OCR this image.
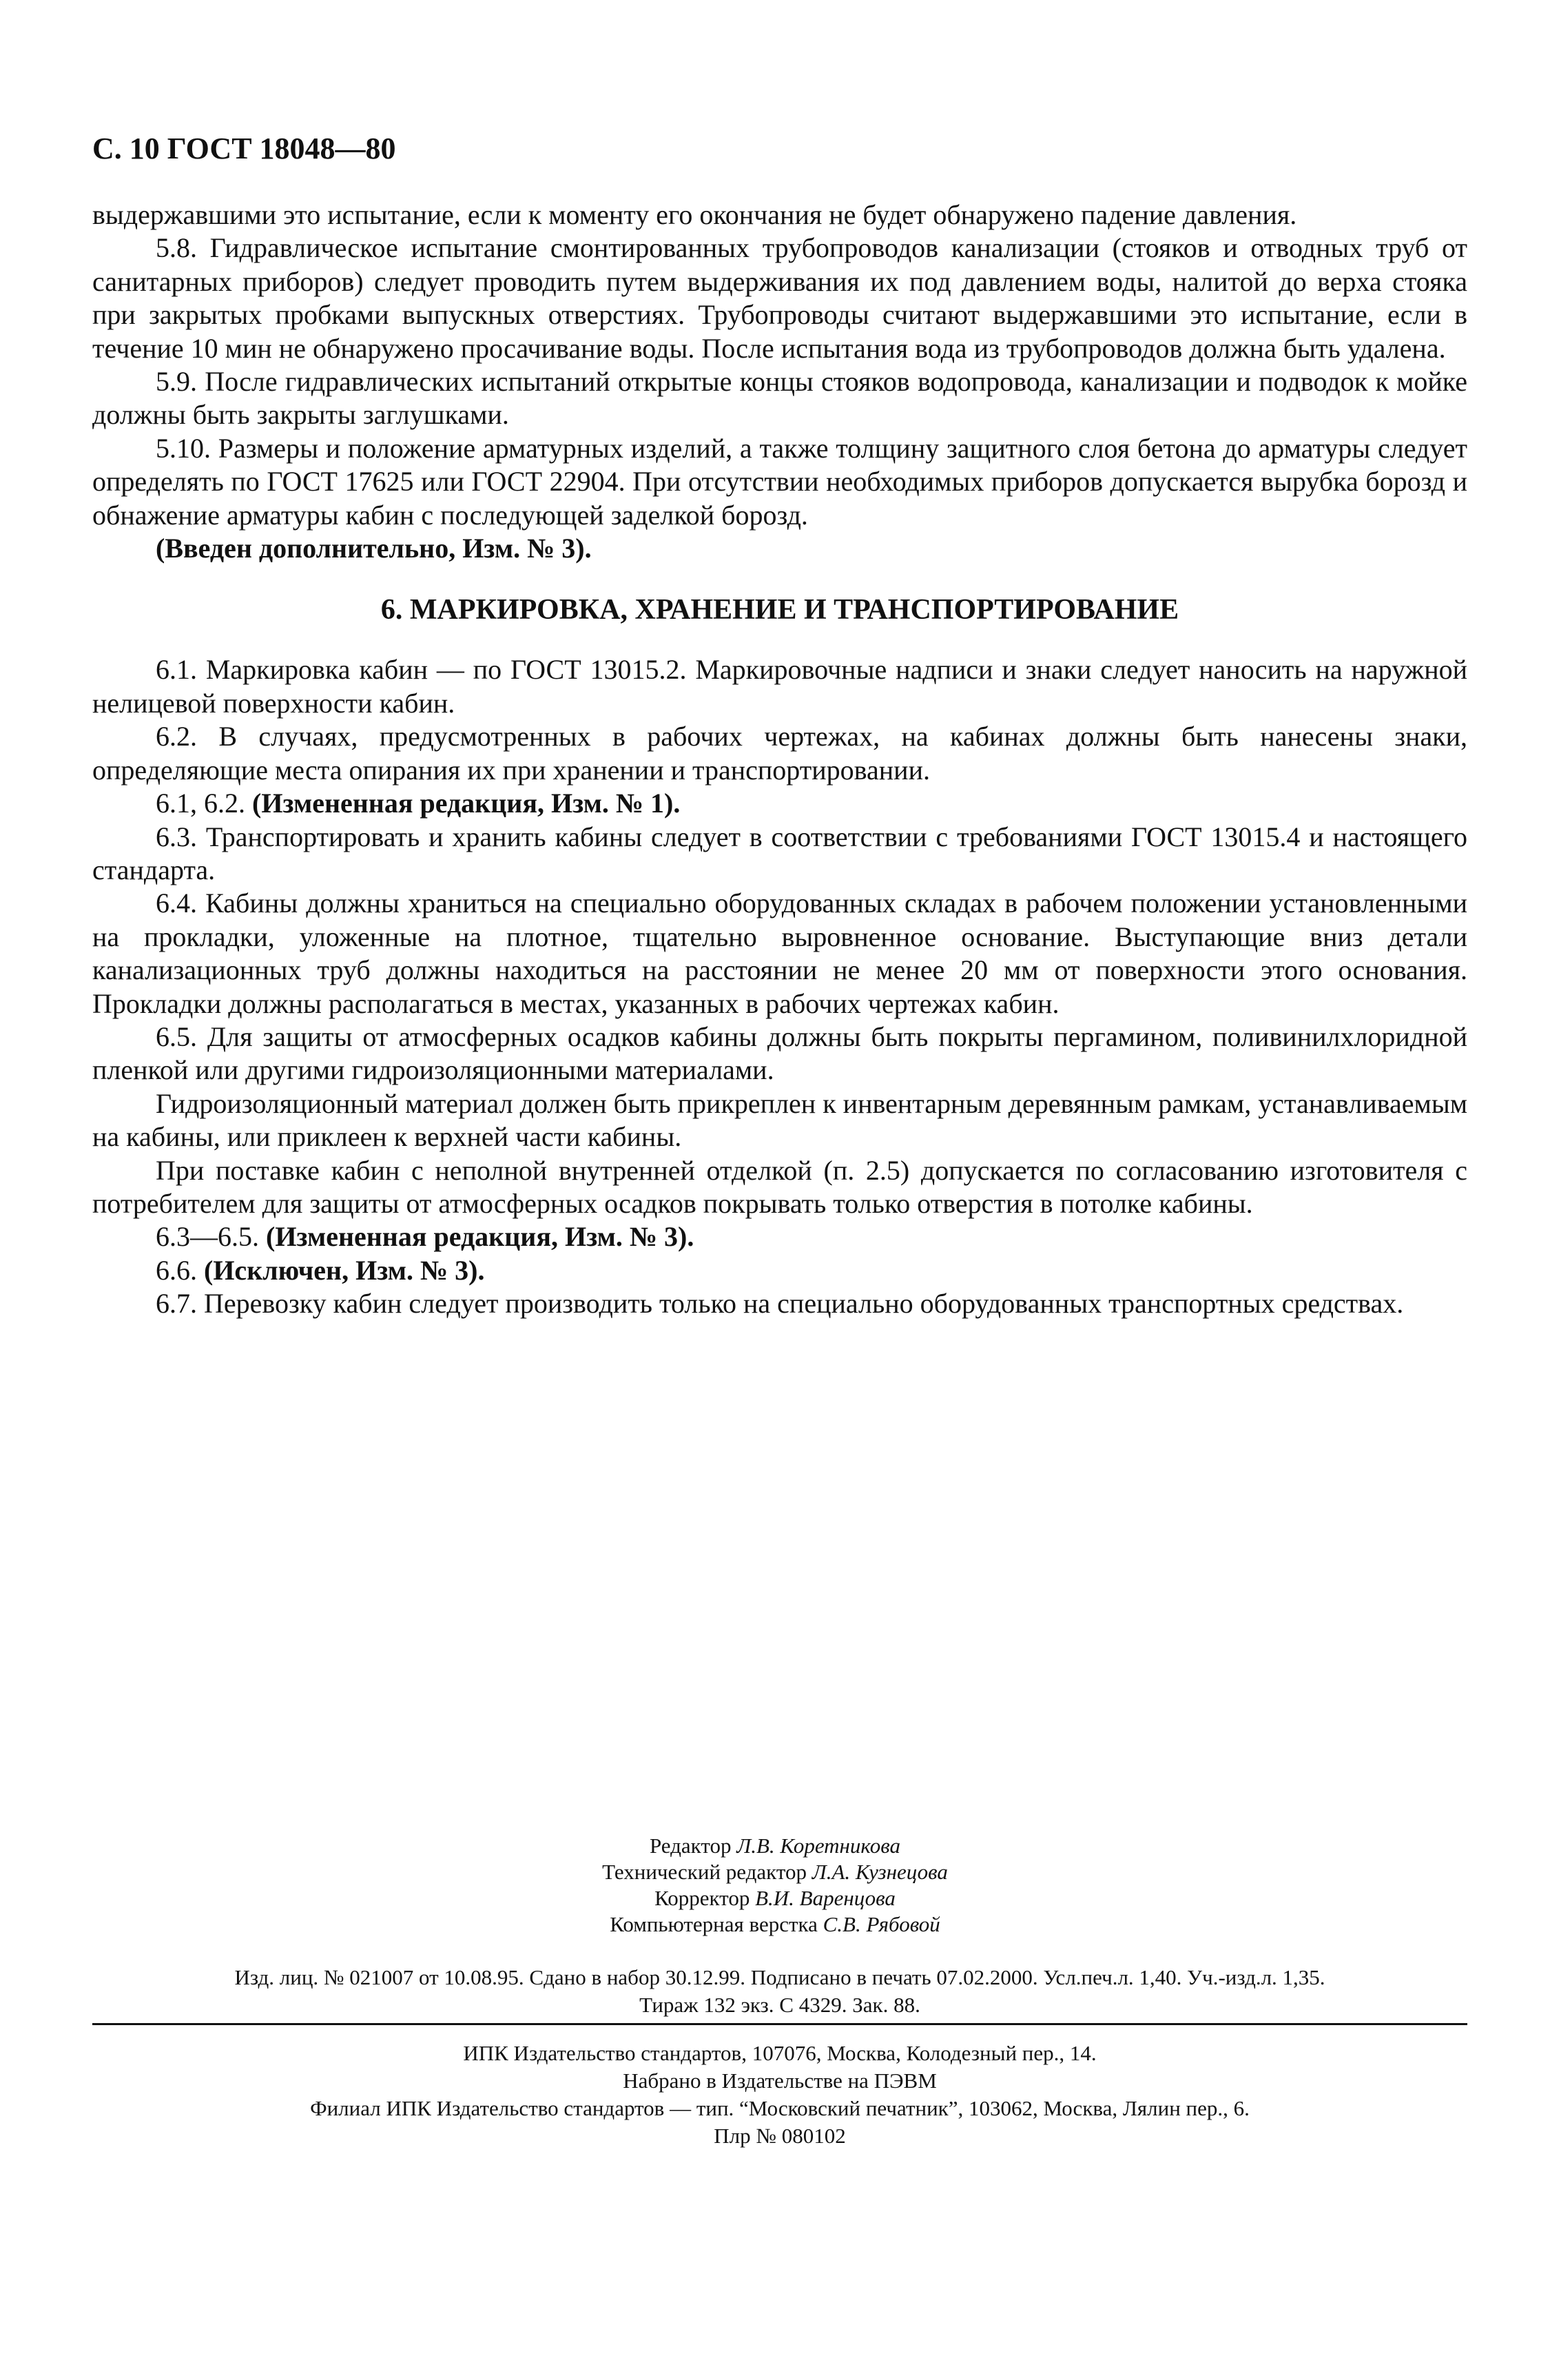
С. 10 ГОСТ 18048—80

выдержавшими это испытание, если к моменту его окончания не будет обнаружено падение давления.

5.8. Гидравлическое испытание смонтированных трубопроводов канализации (стояков и отводных труб от санитарных приборов) следует проводить путем выдерживания их под давлением воды, налитой до верха стояка при закрытых пробками выпускных отверстиях. Трубопроводы считают выдержавшими это испытание, если в течение 10 мин не обнаружено просачивание воды. После испытания вода из трубопроводов должна быть удалена.

5.9. После гидравлических испытаний открытые концы стояков водопровода, канализации и подводок к мойке должны быть закрыты заглушками.

5.10. Размеры и положение арматурных изделий, а также толщину защитного слоя бетона до арматуры следует определять по ГОСТ 17625 или ГОСТ 22904. При отсутствии необходимых приборов допускается вырубка борозд и обнажение арматуры кабин с последующей заделкой борозд.

(Введен дополнительно, Изм. № 3).

6. МАРКИРОВКА, ХРАНЕНИЕ И ТРАНСПОРТИРОВАНИЕ

6.1. Маркировка кабин — по ГОСТ 13015.2. Маркировочные надписи и знаки следует наносить на наружной нелицевой поверхности кабин.

6.2. В случаях, предусмотренных в рабочих чертежах, на кабинах должны быть нанесены знаки, определяющие места опирания их при хранении и транспортировании.

6.1, 6.2. (Измененная редакция, Изм. № 1).

6.3. Транспортировать и хранить кабины следует в соответствии с требованиями ГОСТ 13015.4 и настоящего стандарта.

6.4. Кабины должны храниться на специально оборудованных складах в рабочем положении установленными на прокладки, уложенные на плотное, тщательно выровненное основание. Выступающие вниз детали канализационных труб должны находиться на расстоянии не менее 20 мм от поверхности этого основания. Прокладки должны располагаться в местах, указанных в рабочих чертежах кабин.

6.5. Для защиты от атмосферных осадков кабины должны быть покрыты пергамином, поливинилхлоридной пленкой или другими гидроизоляционными материалами.

Гидроизоляционный материал должен быть прикреплен к инвентарным деревянным рамкам, устанавливаемым на кабины, или приклеен к верхней части кабины.

При поставке кабин с неполной внутренней отделкой (п. 2.5) допускается по согласованию изготовителя с потребителем для защиты от атмосферных осадков покрывать только отверстия в потолке кабины.

6.3—6.5. (Измененная редакция, Изм. № 3).

6.6. (Исключен, Изм. № 3).

6.7. Перевозку кабин следует производить только на специально оборудованных транспортных средствах.

Редактор Л.В. Коретникова
Технический редактор Л.А. Кузнецова
Корректор В.И. Варенцова
Компьютерная верстка С.В. Рябовой
Изд. лиц. № 021007 от 10.08.95. Сдано в набор 30.12.99. Подписано в печать 07.02.2000. Усл.печ.л. 1,40. Уч.-изд.л. 1,35.
Тираж 132 экз. С 4329. Зак. 88.
ИПК Издательство стандартов, 107076, Москва, Колодезный пер., 14.
Набрано в Издательстве на ПЭВМ
Филиал ИПК Издательство стандартов — тип. “Московский печатник”, 103062, Москва, Лялин пер., 6.
Плр № 080102
